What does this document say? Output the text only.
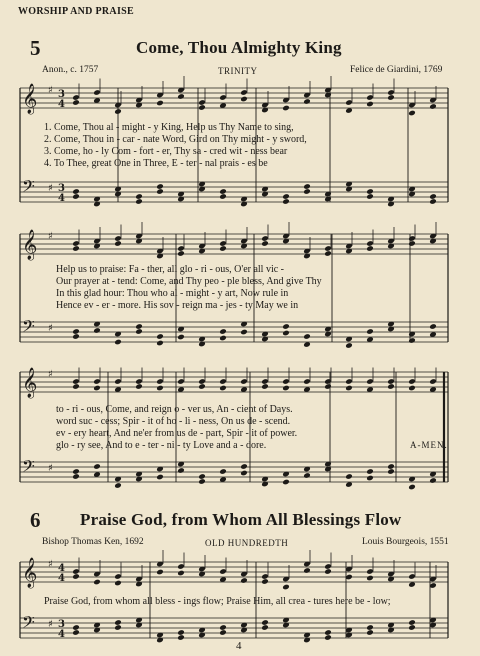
WORSHIP AND PRAISE
5	Come, Thou Almighty King
Anon., c. 1757	TRINITY	Felice de Giardini, 1769
𝄞 ♯
𝄢 ♯
3
4
3
4
𝄞 ♯
𝄢 ♯
𝄞 ♯
𝄢 ♯
𝄞 ♯
𝄢 ♯
4
4
3
4
1. Come, Thou al - might - y King, Help us Thy Name to sing,
2. Come, Thou in - car - nate Word, Gird on Thy might - y sword,
3. Come, ho - ly Com - fort - er, Thy sa - cred wit - ness bear
4. To Thee, great One in Three, E - ter - nal prais - es be
Help us to praise: Fa - ther, all glo - ri - ous, O'er all vic -
Our prayer at - tend: Come, and Thy peo - ple bless, And give Thy
In this glad hour: Thou who al - might - y art, Now rule in
Hence ev - er - more. His sov - reign ma - jes - ty May we in
to - ri - ous, Come, and reign o - ver us, An - cient of Days.
word suc - cess; Spir - it of ho - li - ness, On us de - scend.
ev - ery heart, And ne'er from us de - part, Spir - it of power.
glo - ry see, And to e - ter - ni - ty Love and a - dore.	A-MEN.
6 Praise God, from Whom All Blessings Flow
Bishop Thomas Ken, 1692	OLD HUNDREDTH	Louis Bourgeois, 1551
Praise God, from whom all bless - ings flow; Praise Him, all crea - tures here be - low;
4
